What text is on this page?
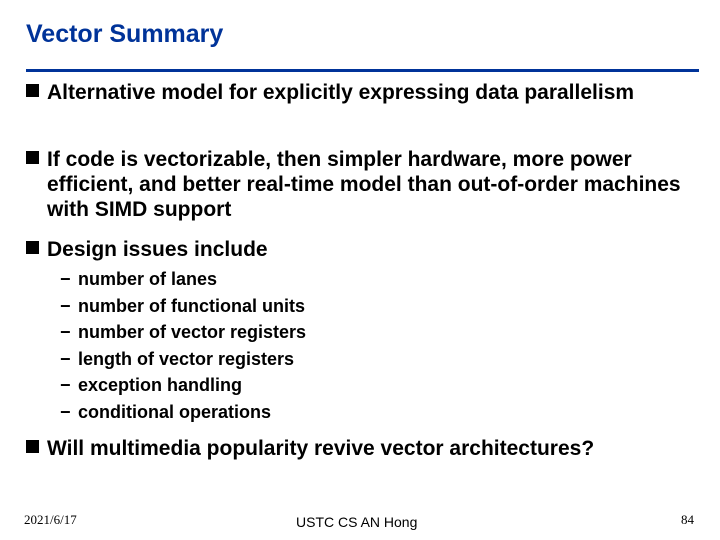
Vector Summary
Alternative model for explicitly expressing data parallelism
If code is vectorizable, then simpler hardware, more power efficient, and better real-time model than out-of-order machines with SIMD support
Design issues include
− number of lanes
− number of functional units
− number of vector registers
− length of vector registers
− exception handling
− conditional operations
Will multimedia popularity revive vector architectures?
2021/6/17	USTC CS AN Hong	84
